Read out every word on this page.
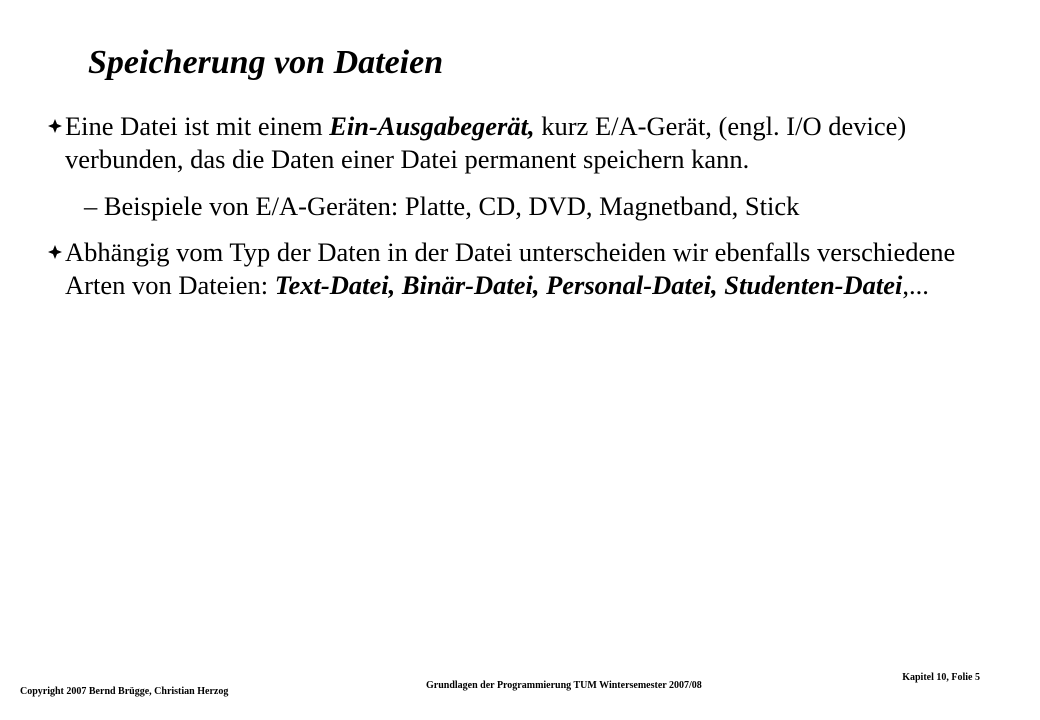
Speicherung von Dateien
Eine Datei ist mit einem Ein-Ausgabegerät, kurz E/A-Gerät, (engl. I/O device) verbunden, das die Daten einer Datei permanent speichern kann.
– Beispiele von E/A-Geräten: Platte, CD, DVD, Magnetband, Stick
Abhängig vom Typ der Daten in der Datei unterscheiden wir ebenfalls verschiedene Arten von Dateien: Text-Datei, Binär-Datei, Personal-Datei, Studenten-Datei,...
Copyright 2007 Bernd Brügge, Christian Herzog
Grundlagen der Programmierung TUM Wintersemester 2007/08
Kapitel 10, Folie 5
